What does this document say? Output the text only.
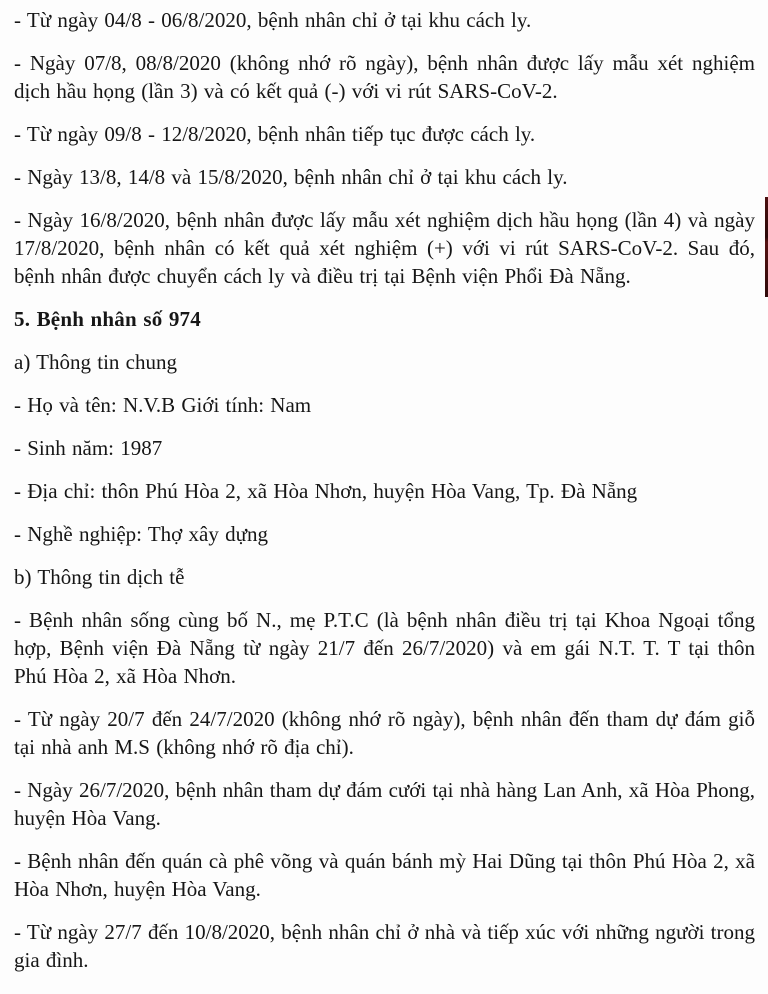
- Từ ngày 04/8 - 06/8/2020, bệnh nhân chỉ ở tại khu cách ly.

- Ngày 07/8, 08/8/2020 (không nhớ rõ ngày), bệnh nhân được lấy mẫu xét nghiệm dịch hầu họng (lần 3) và có kết quả (-) với vi rút SARS-CoV-2.

- Từ ngày 09/8 - 12/8/2020, bệnh nhân tiếp tục được cách ly.

- Ngày 13/8, 14/8 và 15/8/2020, bệnh nhân chỉ ở tại khu cách ly.

- Ngày 16/8/2020, bệnh nhân được lấy mẫu xét nghiệm dịch hầu họng (lần 4) và ngày 17/8/2020, bệnh nhân có kết quả xét nghiệm (+) với vi rút SARS-CoV-2. Sau đó, bệnh nhân được chuyển cách ly và điều trị tại Bệnh viện Phổi Đà Nẵng.

5. Bệnh nhân số 974

a) Thông tin chung

- Họ và tên: N.V.B Giới tính: Nam

- Sinh năm: 1987

- Địa chỉ: thôn Phú Hòa 2, xã Hòa Nhơn, huyện Hòa Vang, Tp. Đà Nẵng

- Nghề nghiệp: Thợ xây dựng

b) Thông tin dịch tễ

- Bệnh nhân sống cùng bố N., mẹ P.T.C (là bệnh nhân điều trị tại Khoa Ngoại tổng hợp, Bệnh viện Đà Nẵng từ ngày 21/7 đến 26/7/2020) và em gái N.T. T. T tại thôn Phú Hòa 2, xã Hòa Nhơn.

- Từ ngày 20/7 đến 24/7/2020 (không nhớ rõ ngày), bệnh nhân đến tham dự đám giỗ tại nhà anh M.S (không nhớ rõ địa chỉ).

- Ngày 26/7/2020, bệnh nhân tham dự đám cưới tại nhà hàng Lan Anh, xã Hòa Phong, huyện Hòa Vang.

- Bệnh nhân đến quán cà phê võng và quán bánh mỳ Hai Dũng tại thôn Phú Hòa 2, xã Hòa Nhơn, huyện Hòa Vang.

- Từ ngày 27/7 đến 10/8/2020, bệnh nhân chỉ ở nhà và tiếp xúc với những người trong gia đình.
